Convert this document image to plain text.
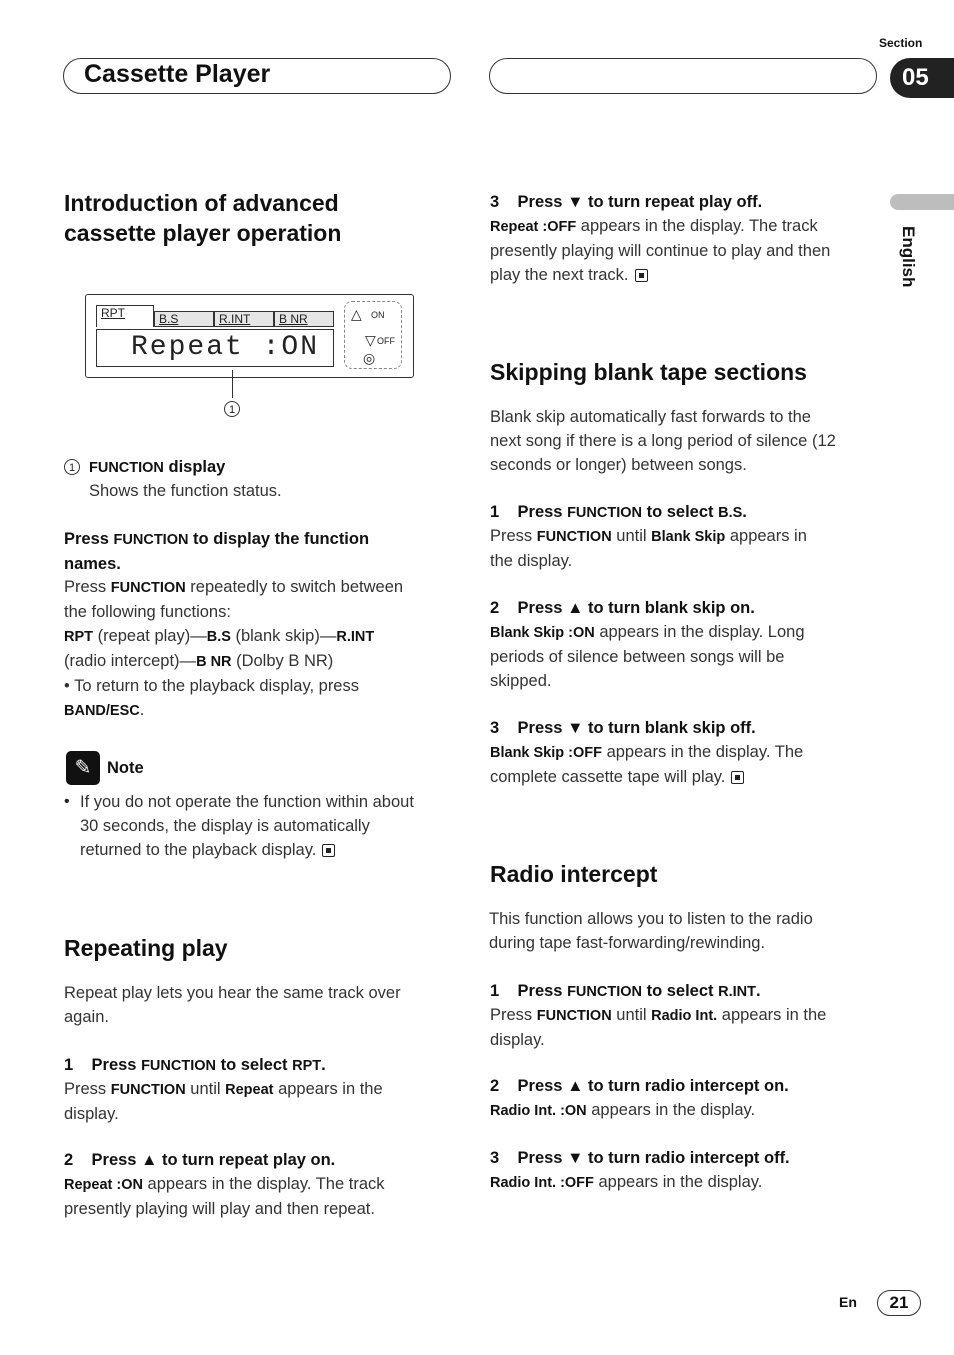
Cassette Player
Section
05
English
Introduction of advanced
cassette player operation
RPT	B.S	R.INT	B NR
Repeat :ON
△ ON
▽ OFF
◎
1
1 FUNCTION display

Shows the function status.

Press FUNCTION to display the function
names.

Press FUNCTION repeatedly to switch between
the following functions:
RPT (repeat play)—B.S (blank skip)—R.INT
(radio intercept)—B NR (Dolby B NR)
• To return to the playback display, press
BAND/ESC.

✎ Note

• If you do not operate the function within about
30 seconds, the display is automatically
returned to the playback display.

Repeating play

Repeat play lets you hear the same track over
again.

1 Press FUNCTION to select RPT.

Press FUNCTION until Repeat appears in the
display.

2 Press ▲ to turn repeat play on.

Repeat :ON appears in the display. The track
presently playing will play and then repeat.

3 Press ▼ to turn repeat play off.

Repeat :OFF appears in the display. The track
presently playing will continue to play and then
play the next track.

Skipping blank tape sections

Blank skip automatically fast forwards to the
next song if there is a long period of silence (12
seconds or longer) between songs.

1 Press FUNCTION to select B.S.

Press FUNCTION until Blank Skip appears in
the display.

2 Press ▲ to turn blank skip on.

Blank Skip :ON appears in the display. Long
periods of silence between songs will be
skipped.

3 Press ▼ to turn blank skip off.

Blank Skip :OFF appears in the display. The
complete cassette tape will play.

Radio intercept

This function allows you to listen to the radio
during tape fast-forwarding/rewinding.

1 Press FUNCTION to select R.INT.

Press FUNCTION until Radio Int. appears in the
display.

2 Press ▲ to turn radio intercept on.

Radio Int. :ON appears in the display.

3 Press ▼ to turn radio intercept off.

Radio Int. :OFF appears in the display.

En	21
